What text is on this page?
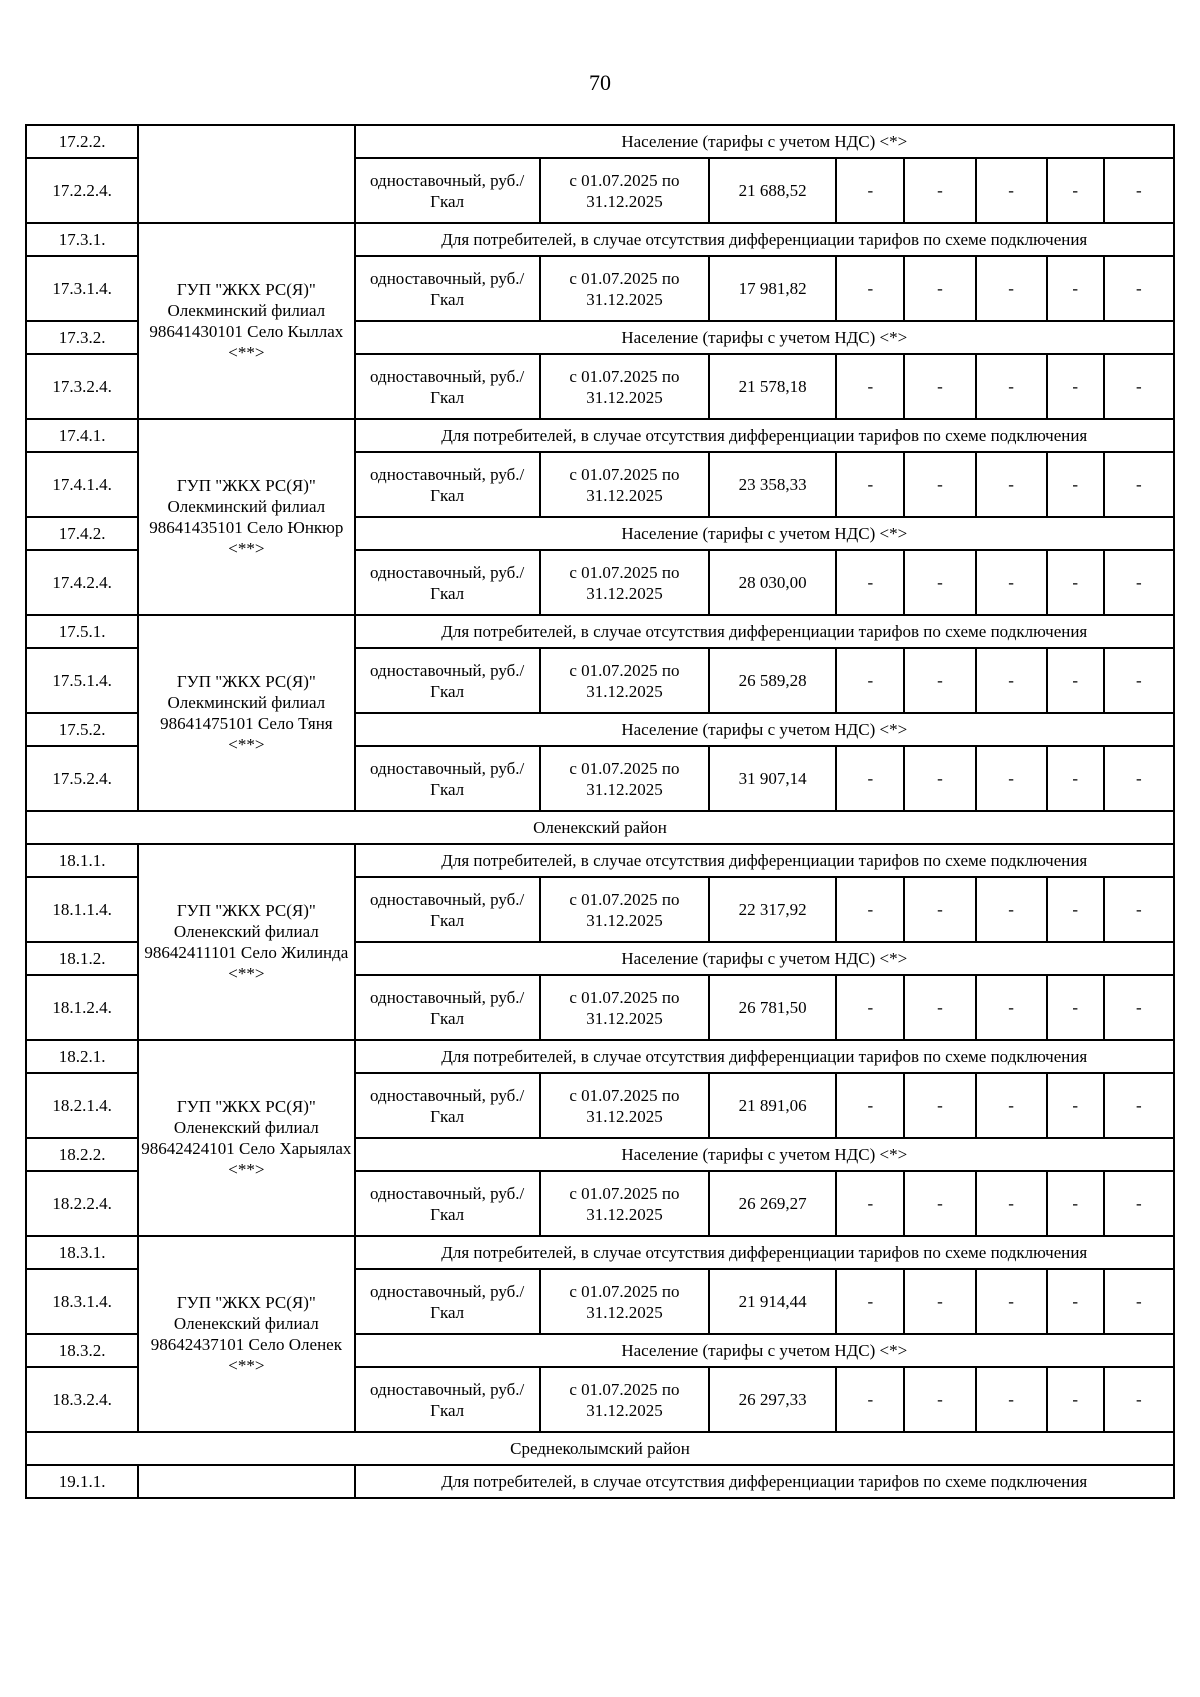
70
17.2.2.		Население (тарифы с учетом НДС) <*>							
17.2.2.4.		одноставочный, руб./Гкал	с 01.07.2025 по 31.12.2025	21 688,52	-	-	-	-	-
17.3.1.	ГУП "ЖКХ РС(Я)" Олекминский филиал 98641430101 Село Кыллах <**>	Для потребителей, в случае отсутствия дифференциации тарифов по схеме подключения							
17.3.1.4.		одноставочный, руб./Гкал	с 01.07.2025 по 31.12.2025	17 981,82	-	-	-	-	-
17.3.2.		Население (тарифы с учетом НДС) <*>							
17.3.2.4.		одноставочный, руб./Гкал	с 01.07.2025 по 31.12.2025	21 578,18	-	-	-	-	-
17.4.1.	ГУП "ЖКХ РС(Я)" Олекминский филиал 98641435101 Село Юнкюр <**>	Для потребителей, в случае отсутствия дифференциации тарифов по схеме подключения							
17.4.1.4.		одноставочный, руб./Гкал	с 01.07.2025 по 31.12.2025	23 358,33	-	-	-	-	-
17.4.2.		Население (тарифы с учетом НДС) <*>							
17.4.2.4.		одноставочный, руб./Гкал	с 01.07.2025 по 31.12.2025	28 030,00	-	-	-	-	-
17.5.1.	ГУП "ЖКХ РС(Я)" Олекминский филиал 98641475101 Село Тяня <**>	Для потребителей, в случае отсутствия дифференциации тарифов по схеме подключения							
17.5.1.4.		одноставочный, руб./Гкал	с 01.07.2025 по 31.12.2025	26 589,28	-	-	-	-	-
17.5.2.		Население (тарифы с учетом НДС) <*>							
17.5.2.4.		одноставочный, руб./Гкал	с 01.07.2025 по 31.12.2025	31 907,14	-	-	-	-	-
Оленекский район									
18.1.1.	ГУП "ЖКХ РС(Я)" Оленекский филиал 98642411101 Село Жилинда <**>	Для потребителей, в случае отсутствия дифференциации тарифов по схеме подключения							
18.1.1.4.		одноставочный, руб./Гкал	с 01.07.2025 по 31.12.2025	22 317,92	-	-	-	-	-
18.1.2.		Население (тарифы с учетом НДС) <*>							
18.1.2.4.		одноставочный, руб./Гкал	с 01.07.2025 по 31.12.2025	26 781,50	-	-	-	-	-
18.2.1.	ГУП "ЖКХ РС(Я)" Оленекский филиал 98642424101 Село Харыялах <**>	Для потребителей, в случае отсутствия дифференциации тарифов по схеме подключения							
18.2.1.4.		одноставочный, руб./Гкал	с 01.07.2025 по 31.12.2025	21 891,06	-	-	-	-	-
18.2.2.		Население (тарифы с учетом НДС) <*>							
18.2.2.4.		одноставочный, руб./Гкал	с 01.07.2025 по 31.12.2025	26 269,27	-	-	-	-	-
18.3.1.	ГУП "ЖКХ РС(Я)" Оленекский филиал 98642437101 Село Оленек <**>	Для потребителей, в случае отсутствия дифференциации тарифов по схеме подключения							
18.3.1.4.		одноставочный, руб./Гкал	с 01.07.2025 по 31.12.2025	21 914,44	-	-	-	-	-
18.3.2.		Население (тарифы с учетом НДС) <*>							
18.3.2.4.		одноставочный, руб./Гкал	с 01.07.2025 по 31.12.2025	26 297,33	-	-	-	-	-
Среднеколымский район									
19.1.1.		Для потребителей, в случае отсутствия дифференциации тарифов по схеме подключения							
